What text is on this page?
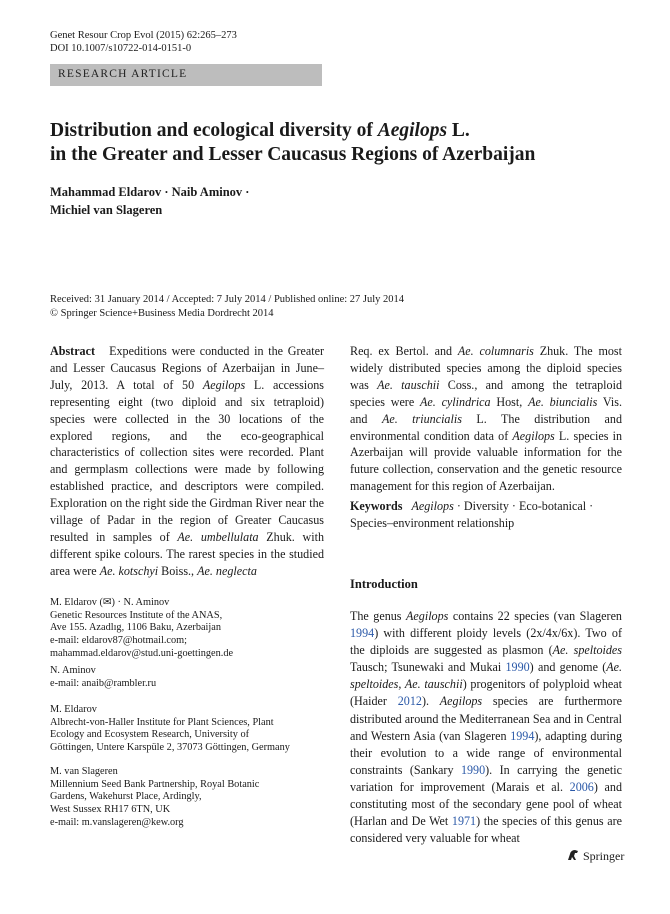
Genet Resour Crop Evol (2015) 62:265–273
DOI 10.1007/s10722-014-0151-0
RESEARCH ARTICLE
Distribution and ecological diversity of Aegilops L.
in the Greater and Lesser Caucasus Regions of Azerbaijan
Mahammad Eldarov · Naib Aminov ·
Michiel van Slageren
Received: 31 January 2014 / Accepted: 7 July 2014 / Published online: 27 July 2014
© Springer Science+Business Media Dordrecht 2014

Abstract Expeditions were conducted in the Greater and Lesser Caucasus Regions of Azerbaijan in June–July, 2013. A total of 50 Aegilops L. accessions representing eight (two diploid and six tetraploid) species were collected in the 30 locations of the explored regions, and the eco-geographical characteristics of collection sites were recorded. Plant and germplasm collections were made by following established practice, and descriptors were compiled. Exploration on the right side the Girdman River near the village of Padar in the region of Greater Caucasus resulted in samples of Ae. umbellulata Zhuk. with different spike colours. The rarest species in the studied area were Ae. kotschyi Boiss., Ae. neglecta

Req. ex Bertol. and Ae. columnaris Zhuk. The most widely distributed species among the diploid species was Ae. tauschii Coss., and among the tetraploid species were Ae. cylindrica Host, Ae. biuncialis Vis. and Ae. triuncialis L. The distribution and environmental condition data of Aegilops L. species in Azerbaijan will provide valuable information for the future collection, conservation and the genetic resource management for this region of Azerbaijan.

Keywords Aegilops · Diversity · Eco-botanical ·
Species–environment relationship
M. Eldarov (✉) · N. Aminov
Genetic Resources Institute of the ANAS,
Ave 155. Azadlıg, 1106 Baku, Azerbaijan
e-mail: eldarov87@hotmail.com;
mahammad.eldarov@stud.uni-goettingen.de
N. Aminov
e-mail: anaib@rambler.ru
M. Eldarov
Albrecht-von-Haller Institute for Plant Sciences, Plant
Ecology and Ecosystem Research, University of
Göttingen, Untere Karspüle 2, 37073 Göttingen, Germany
M. van Slageren
Millennium Seed Bank Partnership, Royal Botanic
Gardens, Wakehurst Place, Ardingly,
West Sussex RH17 6TN, UK
e-mail: m.vanslageren@kew.org
Introduction

The genus Aegilops contains 22 species (van Slageren 1994) with different ploidy levels (2x/4x/6x). Two of the diploids are suggested as plasmon (Ae. speltoides Tausch; Tsunewaki and Mukai 1990) and genome (Ae. speltoides, Ae. tauschii) progenitors of polyploid wheat (Haider 2012). Aegilops species are furthermore distributed around the Mediterranean Sea and in Central and Western Asia (van Slageren 1994), adapting during their evolution to a wide range of environmental constraints (Sankary 1990). In carrying the genetic variation for improvement (Marais et al. 2006) and constituting most of the secondary gene pool of wheat (Harlan and De Wet 1971) the species of this genus are considered very valuable for wheat

Springer
